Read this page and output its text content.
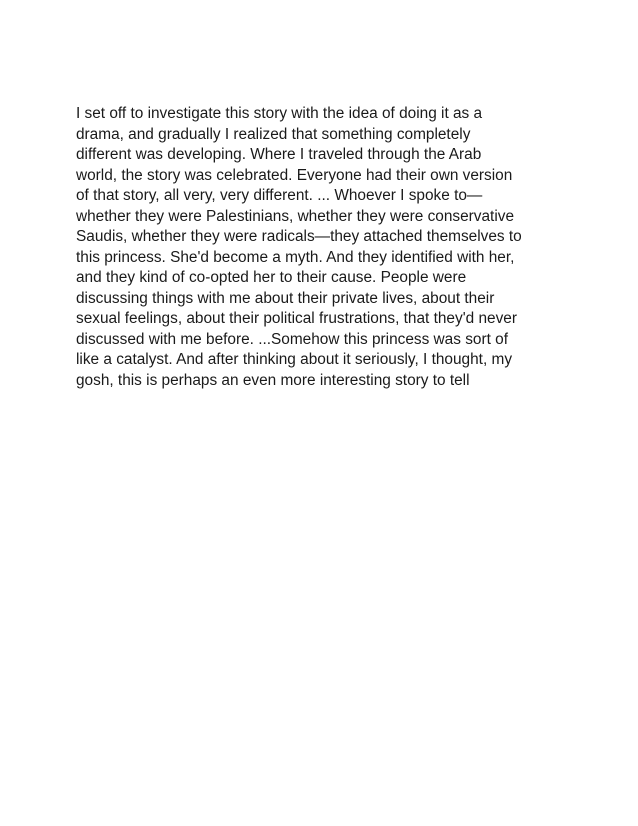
I set off to investigate this story with the idea of doing it as a
drama, and gradually I realized that something completely
different was developing. Where I traveled through the Arab
world, the story was celebrated. Everyone had their own version
of that story, all very, very different. ... Whoever I spoke to—
whether they were Palestinians, whether they were conservative
Saudis, whether they were radicals—they attached themselves to
this princess. She'd become a myth. And they identified with her,
and they kind of co-opted her to their cause. People were
discussing things with me about their private lives, about their
sexual feelings, about their political frustrations, that they'd never
discussed with me before. ...Somehow this princess was sort of
like a catalyst. And after thinking about it seriously, I thought, my
gosh, this is perhaps an even more interesting story to tell
